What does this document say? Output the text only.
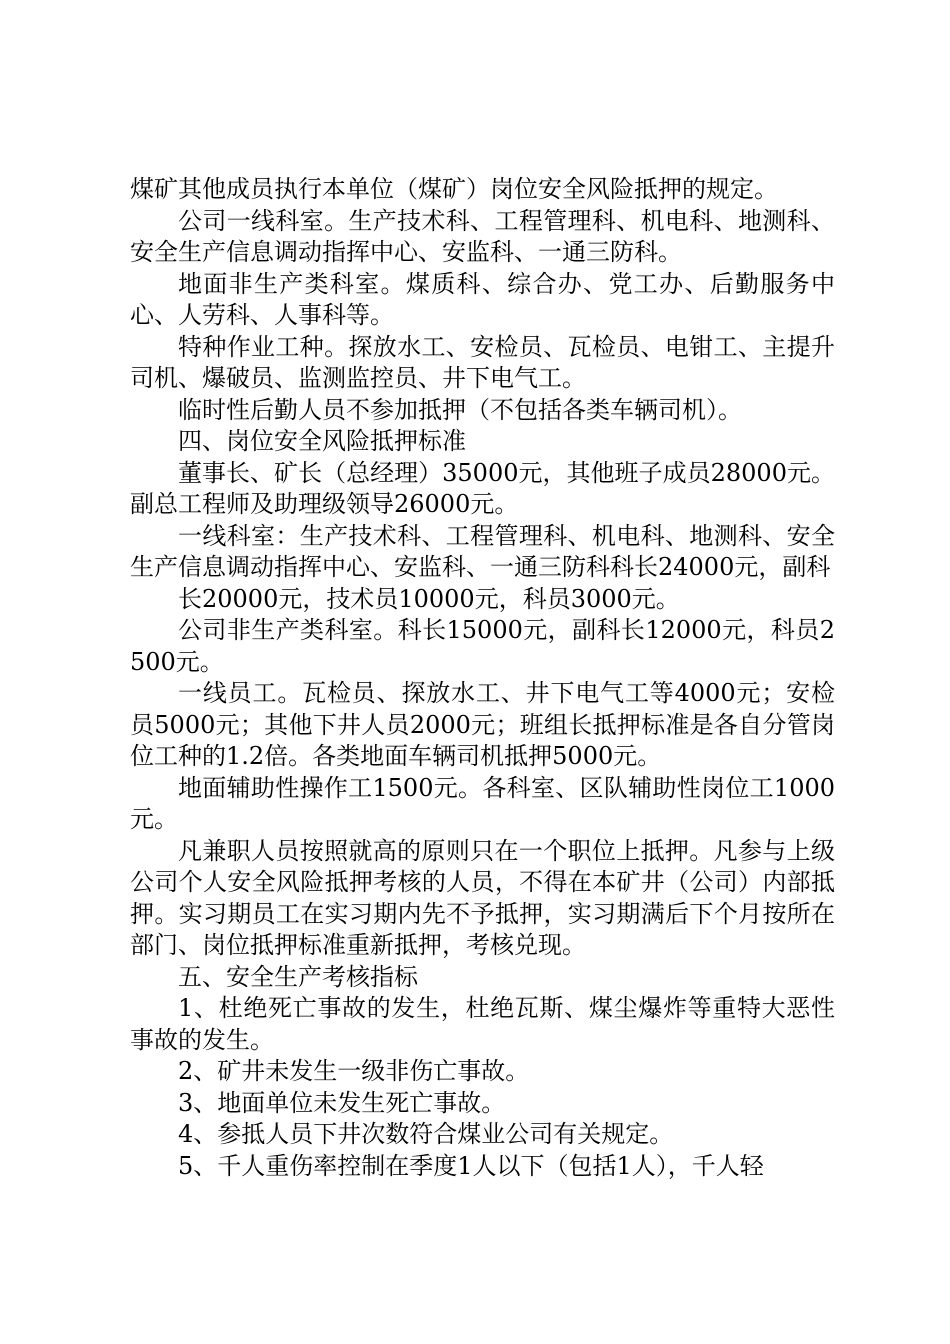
煤矿其他成员执行本单位（煤矿）岗位安全风险抵押的规定。

公司一线科室。生产技术科、工程管理科、机电科、地测科、安全生产信息调动指挥中心、安监科、一通三防科。

地面非生产类科室。煤质科、综合办、党工办、后勤服务中心、人劳科、人事科等。

特种作业工种。探放水工、安检员、瓦检员、电钳工、主提升司机、爆破员、监测监控员、井下电气工。

临时性后勤人员不参加抵押（不包括各类车辆司机）。

四、岗位安全风险抵押标准

董事长、矿长（总经理）35000元，其他班子成员28000元。副总工程师及助理级领导26000元。

一线科室：生产技术科、工程管理科、机电科、地测科、安全生产信息调动指挥中心、安监科、一通三防科科长24000元，副科

长20000元，技术员10000元，科员3000元。

公司非生产类科室。科长15000元，副科长12000元，科员2500元。

一线员工。瓦检员、探放水工、井下电气工等4000元；安检员5000元；其他下井人员2000元；班组长抵押标准是各自分管岗位工种的1.2倍。各类地面车辆司机抵押5000元。

地面辅助性操作工1500元。各科室、区队辅助性岗位工1000元。

凡兼职人员按照就高的原则只在一个职位上抵押。凡参与上级公司个人安全风险抵押考核的人员，不得在本矿井（公司）内部抵押。实习期员工在实习期内先不予抵押，实习期满后下个月按所在部门、岗位抵押标准重新抵押，考核兑现。

五、安全生产考核指标

1、杜绝死亡事故的发生，杜绝瓦斯、煤尘爆炸等重特大恶性事故的发生。

2、矿井未发生一级非伤亡事故。

3、地面单位未发生死亡事故。

4、参抵人员下井次数符合煤业公司有关规定。

5、千人重伤率控制在季度1人以下（包括1人），千人轻
